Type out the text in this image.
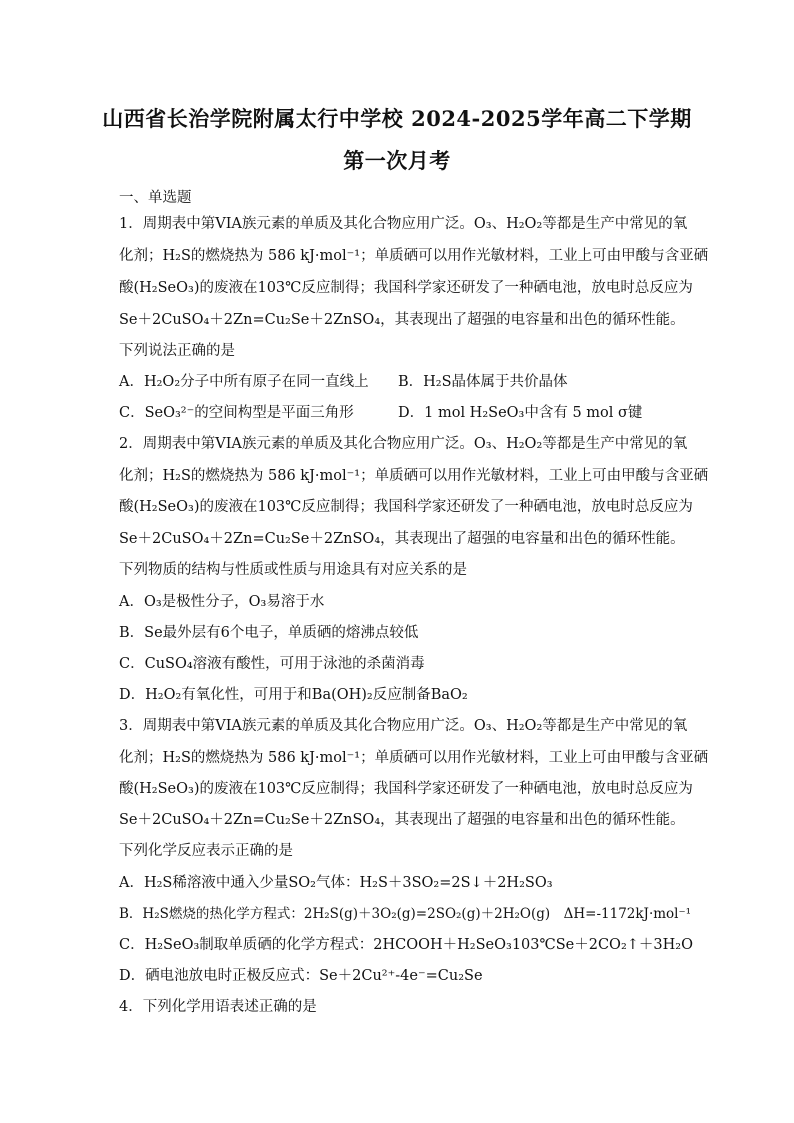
山西省长治学院附属太行中学校 2024-2025学年高二下学期
第一次月考
一、单选题
1．周期表中第VIA族元素的单质及其化合物应用广泛。O₃、H₂O₂等都是生产中常见的氧
化剂；H₂S的燃烧热为 586 kJ·mol⁻¹；单质硒可以用作光敏材料，工业上可由甲酸与含亚硒
酸(H₂SeO₃)的废液在103℃反应制得；我国科学家还研发了一种硒电池，放电时总反应为
Se＋2CuSO₄＋2Zn=Cu₂Se＋2ZnSO₄，其表现出了超强的电容量和出色的循环性能。
下列说法正确的是
A．H₂O₂分子中所有原子在同一直线上 B．H₂S晶体属于共价晶体
C．SeO₃²⁻的空间构型是平面三角形	D．1 mol H₂SeO₃中含有 5 mol σ键
2．周期表中第VIA族元素的单质及其化合物应用广泛。O₃、H₂O₂等都是生产中常见的氧
化剂；H₂S的燃烧热为 586 kJ·mol⁻¹；单质硒可以用作光敏材料，工业上可由甲酸与含亚硒
酸(H₂SeO₃)的废液在103℃反应制得；我国科学家还研发了一种硒电池，放电时总反应为
Se＋2CuSO₄＋2Zn=Cu₂Se＋2ZnSO₄，其表现出了超强的电容量和出色的循环性能。
下列物质的结构与性质或性质与用途具有对应关系的是
A．O₃是极性分子，O₃易溶于水
B．Se最外层有6个电子，单质硒的熔沸点较低
C．CuSO₄溶液有酸性，可用于泳池的杀菌消毒
D．H₂O₂有氧化性，可用于和Ba(OH)₂反应制备BaO₂
3．周期表中第VIA族元素的单质及其化合物应用广泛。O₃、H₂O₂等都是生产中常见的氧
化剂；H₂S的燃烧热为 586 kJ·mol⁻¹；单质硒可以用作光敏材料，工业上可由甲酸与含亚硒
酸(H₂SeO₃)的废液在103℃反应制得；我国科学家还研发了一种硒电池，放电时总反应为
Se＋2CuSO₄＋2Zn=Cu₂Se＋2ZnSO₄，其表现出了超强的电容量和出色的循环性能。
下列化学反应表示正确的是
A．H₂S稀溶液中通入少量SO₂气体：H₂S＋3SO₂=2S↓＋2H₂SO₃
B．H₂S燃烧的热化学方程式：2H₂S(g)＋3O₂(g)=2SO₂(g)＋2H₂O(g)　ΔH=-1172kJ·mol⁻¹
C．H₂SeO₃制取单质硒的化学方程式：2HCOOH＋H₂SeO₃103℃Se＋2CO₂↑＋3H₂O
D．硒电池放电时正极反应式：Se＋2Cu²⁺-4e⁻=Cu₂Se
4．下列化学用语表述正确的是
